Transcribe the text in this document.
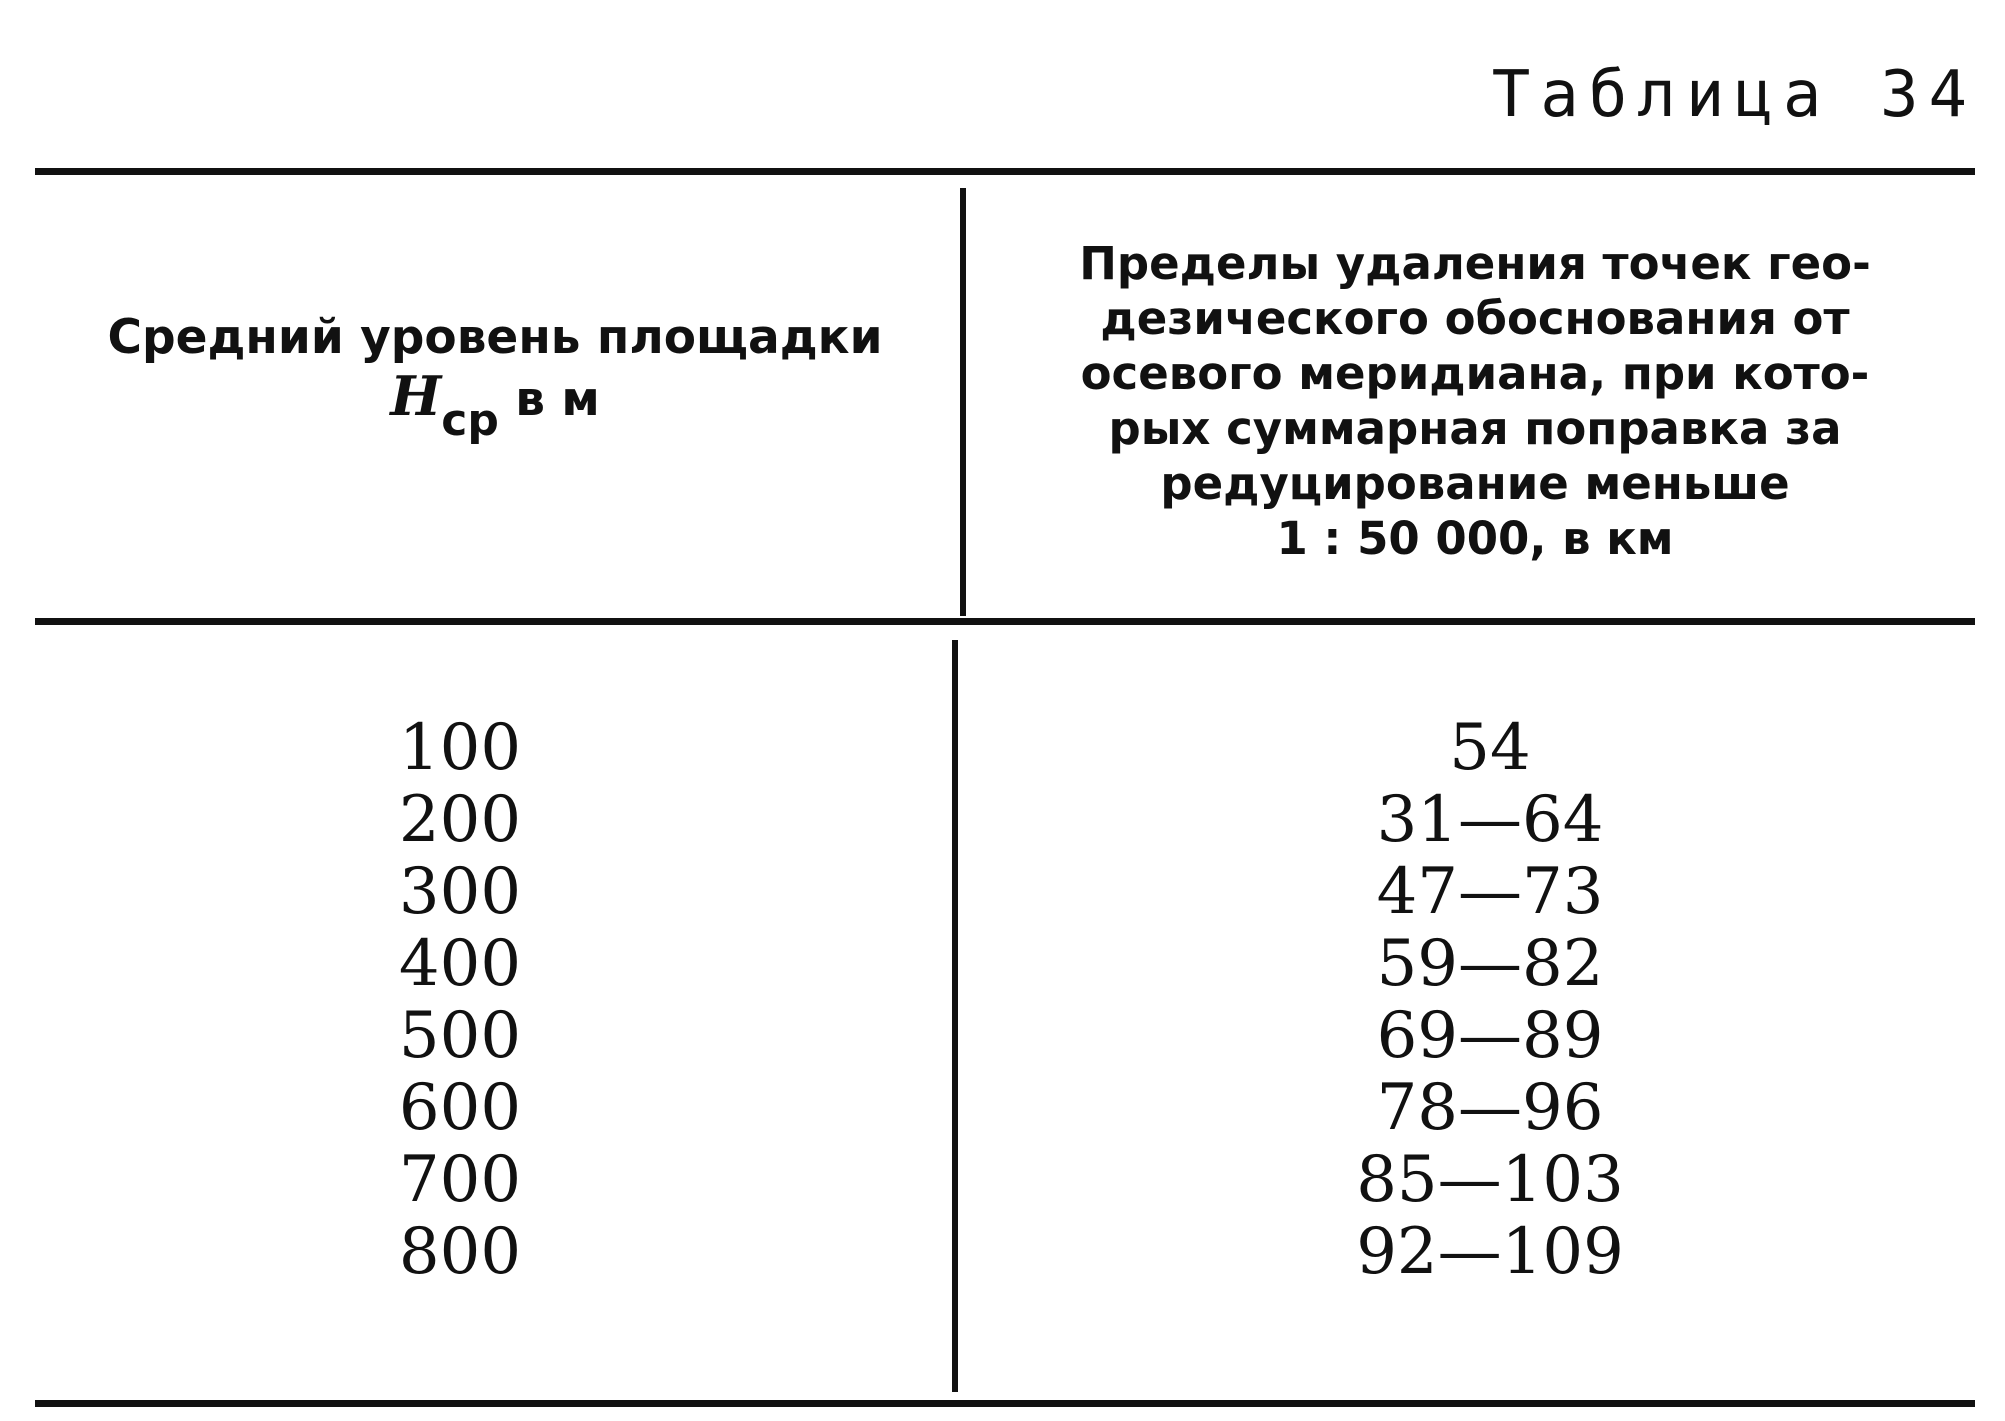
Таблица 34
Средний уровень площадки
Hср в м
Пределы удаления точек гео-
дезического обоснования от
осевого меридиана, при кото-
рых суммарная поправка за
редуцирование меньше
1 : 50 000, в км
100
200
300
400
500
600
700
800
54
31—64
47—73
59—82
69—89
78—96
85—103
92—109
